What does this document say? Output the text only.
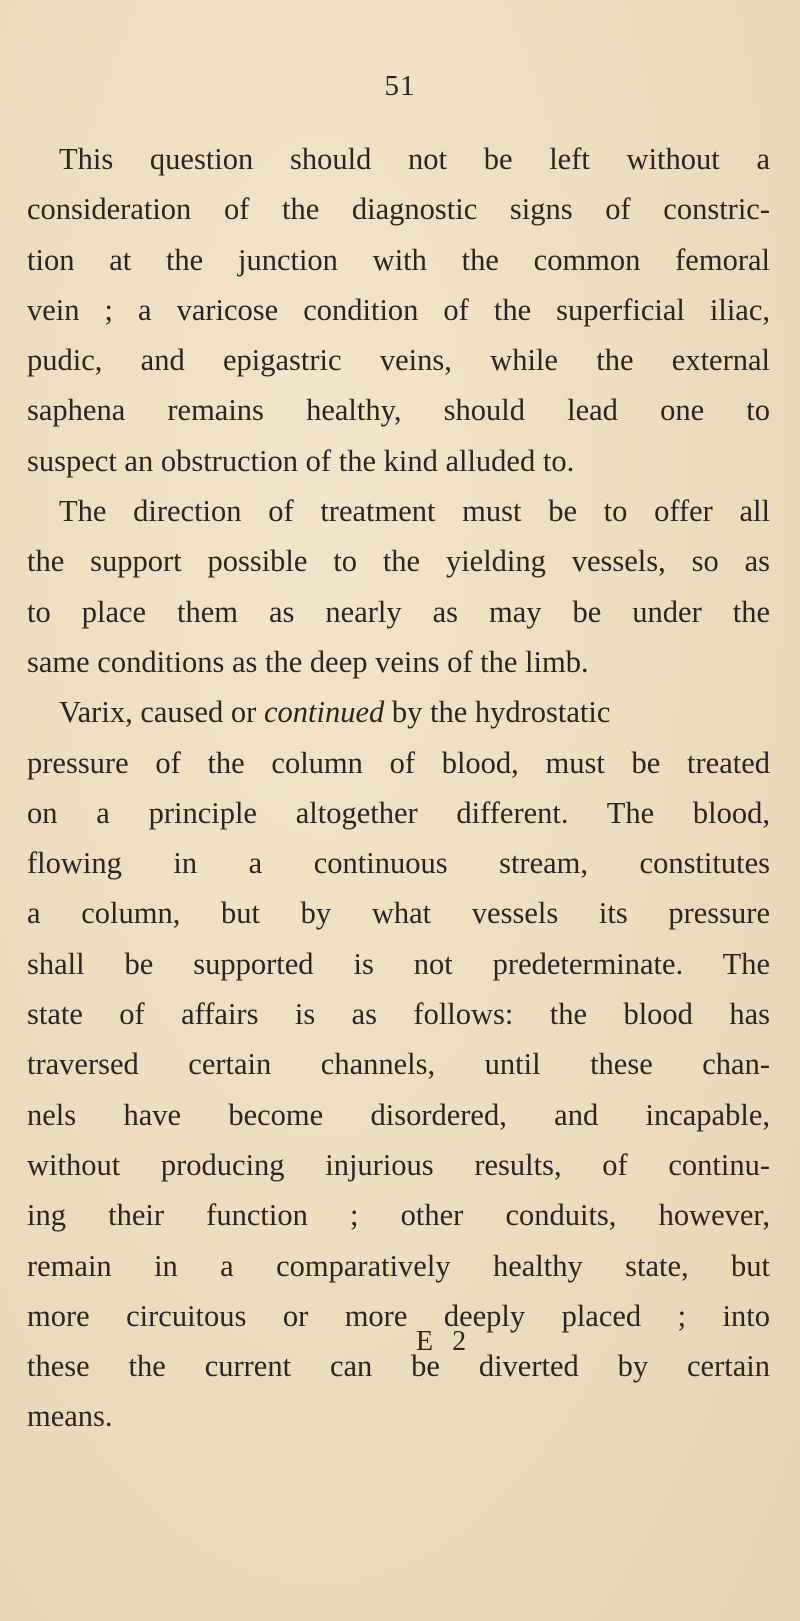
51
This question should not be left without a
consideration of the diagnostic signs of constric-
tion at the junction with the common femoral
vein ; a varicose condition of the superficial iliac,
pudic, and epigastric veins, while the external
saphena remains healthy, should lead one to
suspect an obstruction of the kind alluded to.
The direction of treatment must be to offer all
the support possible to the yielding vessels, so as
to place them as nearly as may be under the
same conditions as the deep veins of the limb.
Varix, caused or continued by the hydrostatic
pressure of the column of blood, must be treated
on a principle altogether different. The blood,
flowing in a continuous stream, constitutes
a column, but by what vessels its pressure
shall be supported is not predeterminate. The
state of affairs is as follows: the blood has
traversed certain channels, until these chan-
nels have become disordered, and incapable,
without producing injurious results, of continu-
ing their function ; other conduits, however,
remain in a comparatively healthy state, but
more circuitous or more deeply placed ; into
these the current can be diverted by certain
means.
E 2
